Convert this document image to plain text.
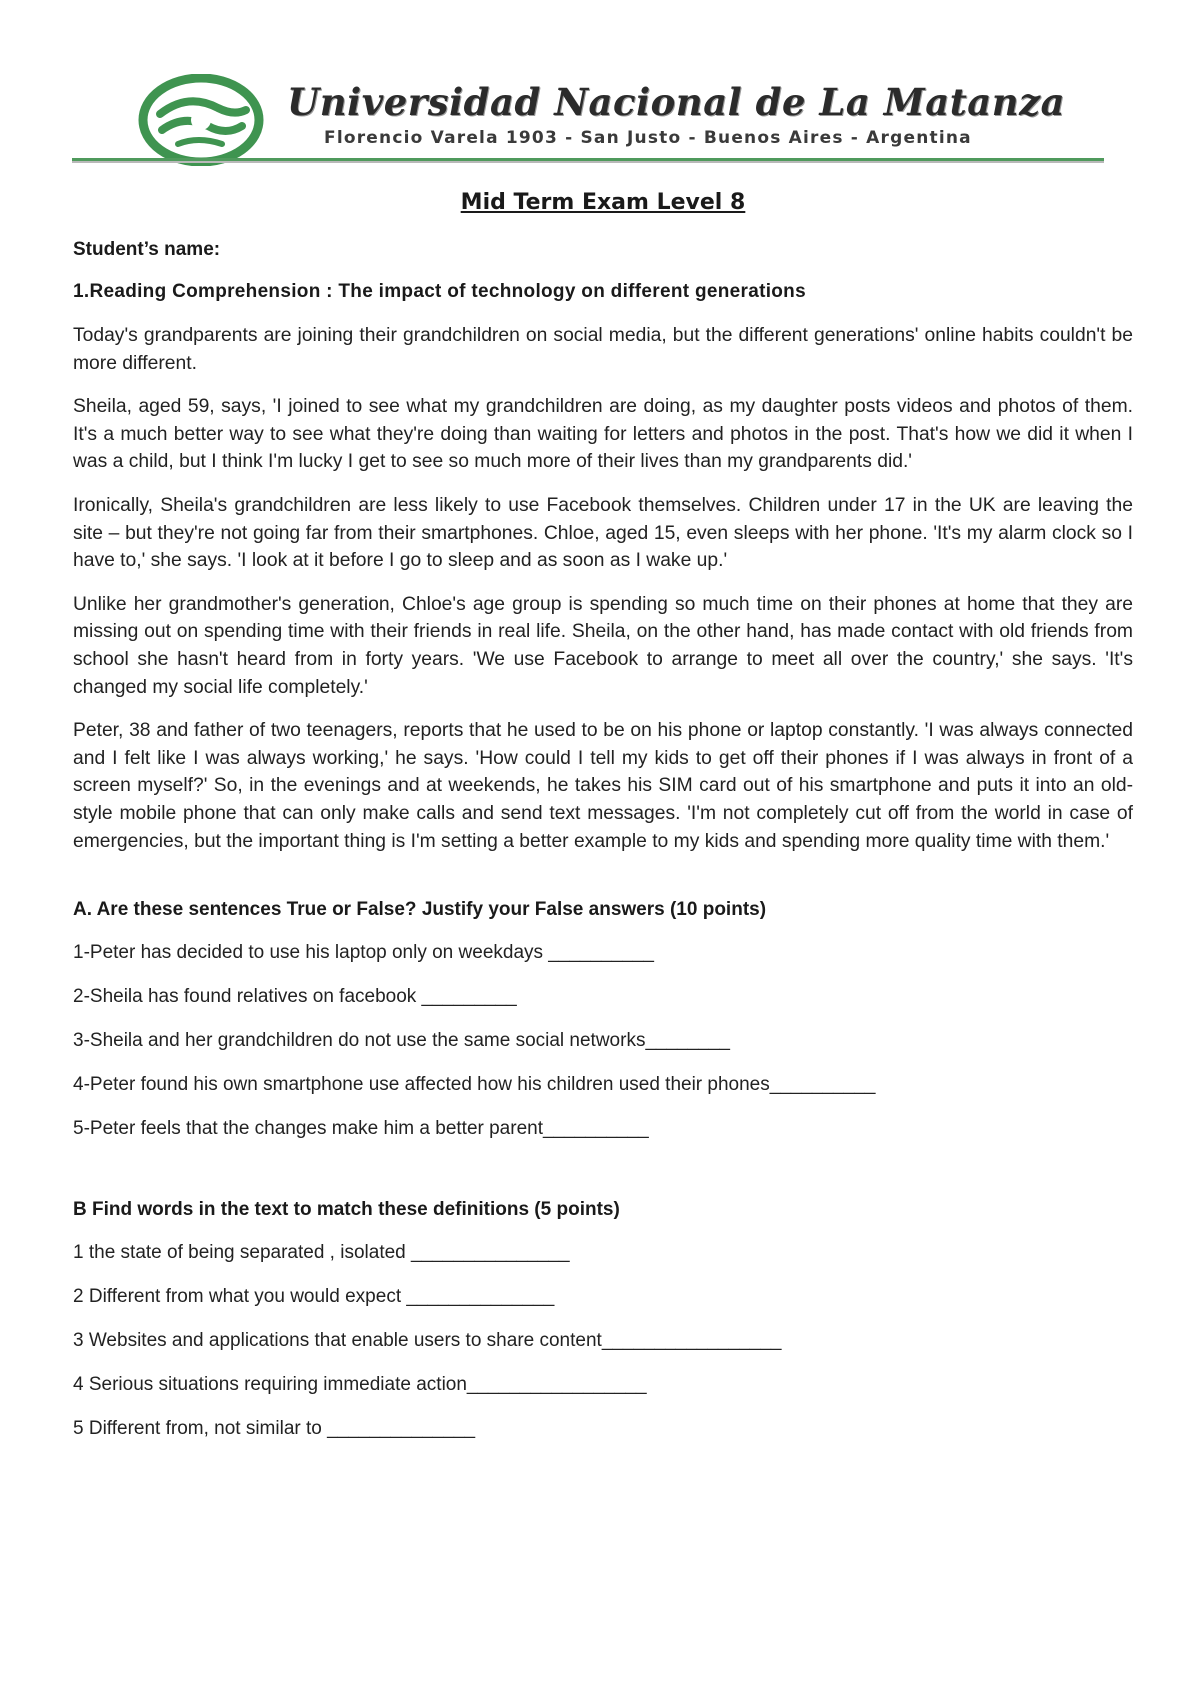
Universidad Nacional de La Matanza
Florencio Varela 1903 - San Justo - Buenos Aires - Argentina
Mid Term Exam Level 8
Student’s name:
1.Reading Comprehension : The impact of technology on different generations

Today's grandparents are joining their grandchildren on social media, but the different generations' online habits couldn't be more different.

Sheila, aged 59, says, 'I joined to see what my grandchildren are doing, as my daughter posts videos and photos of them. It's a much better way to see what they're doing than waiting for letters and photos in the post. That's how we did it when I was a child, but I think I'm lucky I get to see so much more of their lives than my grandparents did.'

Ironically, Sheila's grandchildren are less likely to use Facebook themselves. Children under 17 in the UK are leaving the site – but they're not going far from their smartphones. Chloe, aged 15, even sleeps with her phone. 'It's my alarm clock so I have to,' she says. 'I look at it before I go to sleep and as soon as I wake up.'

Unlike her grandmother's generation, Chloe's age group is spending so much time on their phones at home that they are missing out on spending time with their friends in real life. Sheila, on the other hand, has made contact with old friends from school she hasn't heard from in forty years. 'We use Facebook to arrange to meet all over the country,' she says. 'It's changed my social life completely.'

Peter, 38 and father of two teenagers, reports that he used to be on his phone or laptop constantly. 'I was always connected and I felt like I was always working,' he says. 'How could I tell my kids to get off their phones if I was always in front of a screen myself?' So, in the evenings and at weekends, he takes his SIM card out of his smartphone and puts it into an old-style mobile phone that can only make calls and send text messages. 'I'm not completely cut off from the world in case of emergencies, but the important thing is I'm setting a better example to my kids and spending more quality time with them.'

A. Are these sentences True or False? Justify your False answers (10 points)
1-Peter has decided to use his laptop only on weekdays __________
2-Sheila has found relatives on facebook _________
3-Sheila and her grandchildren do not use the same social networks________
4-Peter found his own smartphone use affected how his children used their phones__________
5-Peter feels that the changes make him a better parent__________
B Find words in the text to match these definitions (5 points)
1 the state of being separated , isolated _______________
2 Different from what you would expect ______________
3 Websites and applications that enable users to share content_________________
4 Serious situations requiring immediate action_________________
5 Different from, not similar to ______________
